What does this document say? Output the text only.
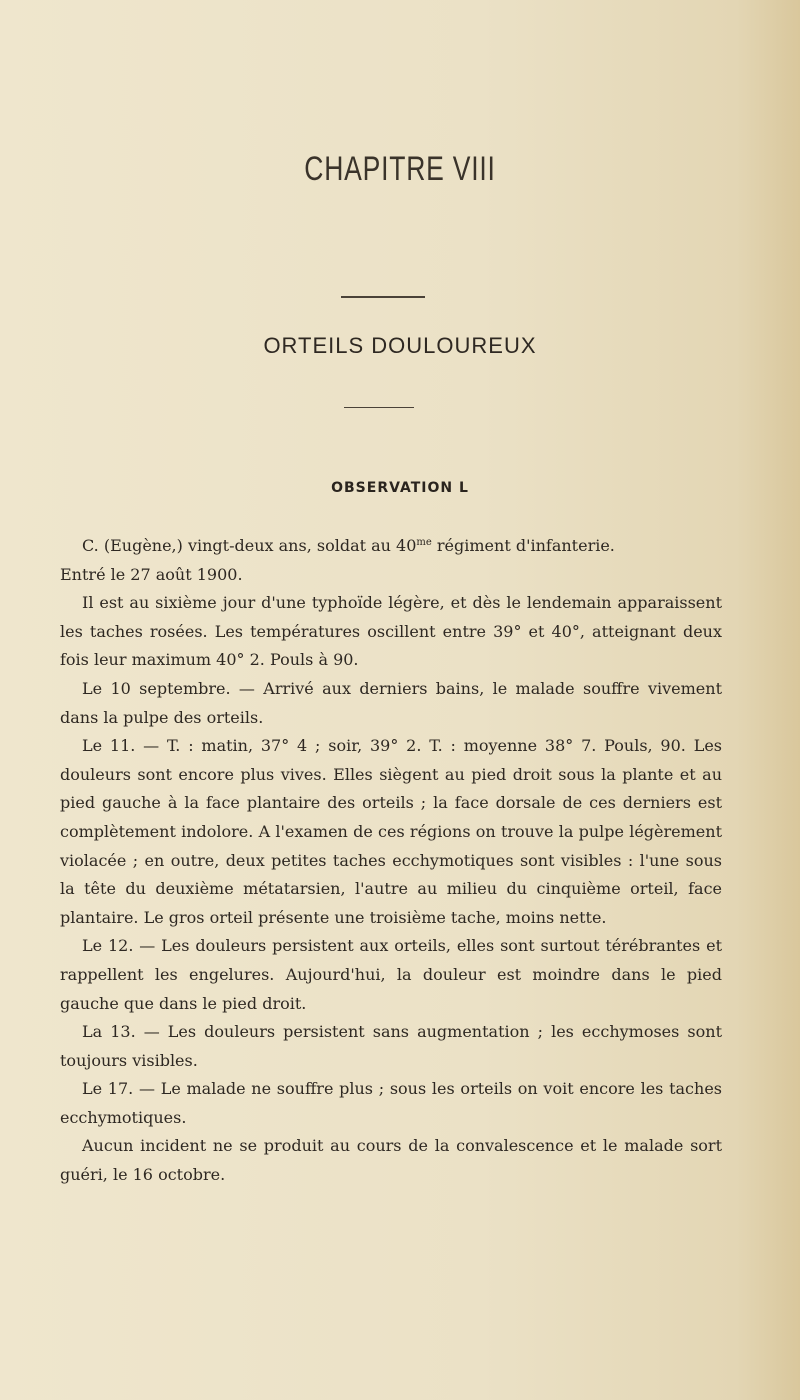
CHAPITRE VIII
ORTEILS DOULOUREUX
OBSERVATION L

C. (Eugène,) vingt-deux ans, soldat au $40^{me}$ régiment d'infanterie.

Entré le 27 août 1900.

Il est au sixième jour d'une typhoïde légère, et dès le lendemain apparaissent les taches rosées. Les températures oscillent entre 39° et 40°, atteignant deux fois leur maximum 40° 2. Pouls à 90.

Le 10 septembre. — Arrivé aux derniers bains, le malade souffre vivement dans la pulpe des orteils.

Le 11. — T. : matin, 37° 4 ; soir, 39° 2. T. : moyenne 38° 7. Pouls, 90. Les douleurs sont encore plus vives. Elles siègent au pied droit sous la plante et au pied gauche à la face plantaire des orteils ; la face dorsale de ces derniers est complètement indolore. A l'examen de ces régions on trouve la pulpe légèrement violacée ; en outre, deux petites taches ecchymotiques sont visibles : l'une sous la tête du deuxième métatarsien, l'autre au milieu du cinquième orteil, face plantaire. Le gros orteil présente une troisième tache, moins nette.

Le 12. — Les douleurs persistent aux orteils, elles sont surtout térébrantes et rappellent les engelures. Aujourd'hui, la douleur est moindre dans le pied gauche que dans le pied droit.

La 13. — Les douleurs persistent sans augmentation ; les ecchymoses sont toujours visibles.

Le 17. — Le malade ne souffre plus ; sous les orteils on voit encore les taches ecchymotiques.

Aucun incident ne se produit au cours de la convalescence et le malade sort guéri, le 16 octobre.
